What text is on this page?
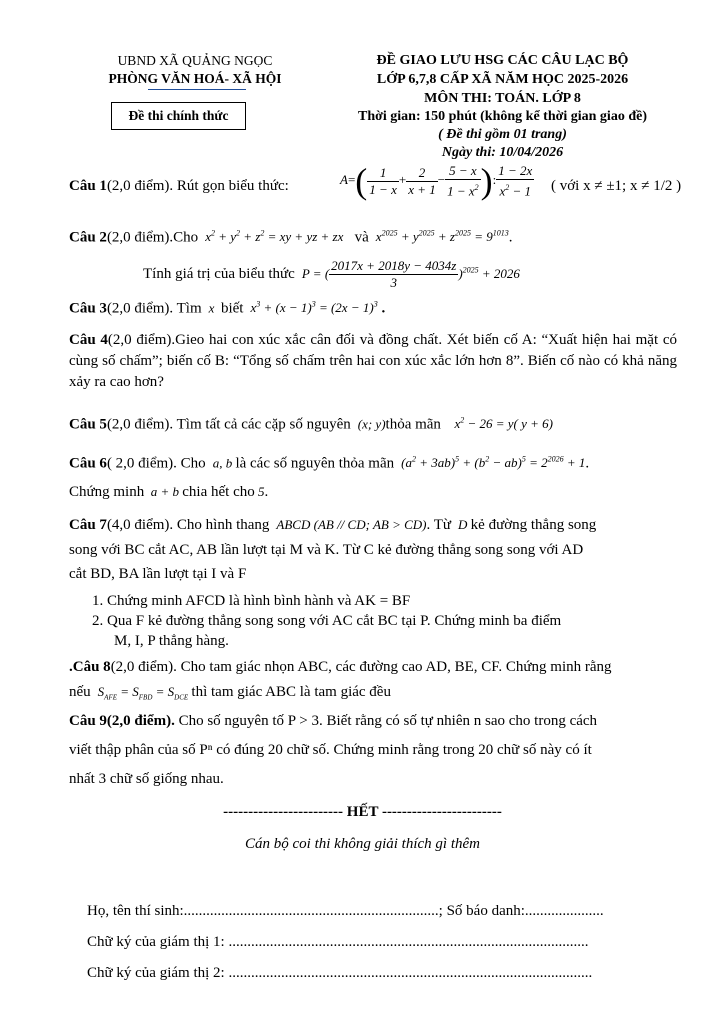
UBND XÃ QUẢNG NGỌC
PHÒNG VĂN HOÁ- XÃ HỘI
Đề thi chính thức
ĐỀ GIAO LƯU HSG CÁC CÂU LẠC BỘ
LỚP 6,7,8 CẤP XÃ NĂM HỌC 2025-2026
MÔN THI: TOÁN. LỚP 8
Thời gian: 150 phút (không kể thời gian giao đề)
( Đề thi gồm 01 trang)
Ngày thi: 10/04/2026
Câu 1(2,0 điểm). Rút gọn biểu thức:	$A=( \frac{1}{1 - x} + \frac{2}{x + 1} - \frac{5 - x}{1 - x^2}$ ): $\frac{1 - 2x}{x^2 - 1}$ ( với x ≠ ±1; x ≠ 1/2 )
Câu 2(2,0 điểm).Cho  $x^2 + y^2 + z^2$ = xy + yz + zx và  $x^{2025} + y^{2025} + z^{2025} = 9^{1013}$.
Tính giá trị của biểu thức  P = ( $\frac{2017x + 2018y - 4034z}{3} )^{2025} + 2026$
Câu 3(2,0 điểm). Tìm  x  biết  $x^3 + (x - 1)^3 = (2x - 1)^3$ .
Câu 4(2,0 điểm).Gieo hai con xúc xắc cân đối và đồng chất. Xét biến cố A: “Xuất hiện hai mặt có cùng số chấm”; biến cố B: “Tổng số chấm trên hai con xúc xắc lớn hơn 8”. Biến cố nào có khả năng xảy ra cao hơn?
Câu 5(2,0 điểm). Tìm tất cả các cặp số nguyên  (x; y)thỏa mãn    $x^2 - 26 = y$( y + 6)
Câu 6( 2,0 điểm). Cho  a, b là các số nguyên thỏa mãn  $(a^2 + 3ab)^5 + (b^2 - ab)^5 = 2^{2026} + 1$.
Chứng minh  a + b chia hết cho 5.
Câu 7(4,0 điểm). Cho hình thang  ABCD (AB // CD; AB > CD). Từ  D kẻ đường thẳng song
song với BC cắt AC, AB lần lượt tại M và K. Từ C kẻ đường thẳng song song với AD
cắt BD, BA lần lượt tại I và F
1. Chứng minh AFCD là hình bình hành và AK = BF
2. Qua F kẻ đường thẳng song song với AC cắt BC tại P. Chứng minh ba điểm
M, I, P thẳng hàng.
.Câu 8(2,0 điểm). Cho tam giác nhọn ABC, các đường cao AD, BE, CF. Chứng minh rằng
nếu  $S_{AFE} = S_{FBD} = S_{DCE}$ thì tam giác ABC là tam giác đều
Câu 9(2,0 điểm). Cho số nguyên tố P > 3. Biết rằng có số tự nhiên n sao cho trong cách
viết thập phân của số Pⁿ có đúng 20 chữ số. Chứng minh rằng trong 20 chữ số này có ít
nhất 3 chữ số giống nhau.
------------------------ HẾT ------------------------
Cán bộ coi thi không giải thích gì thêm
Họ, tên thí sinh:....................................................................; Số báo danh:.....................
Chữ ký của giám thị 1: ................................................................................................
Chữ ký của giám thị 2: .................................................................................................
